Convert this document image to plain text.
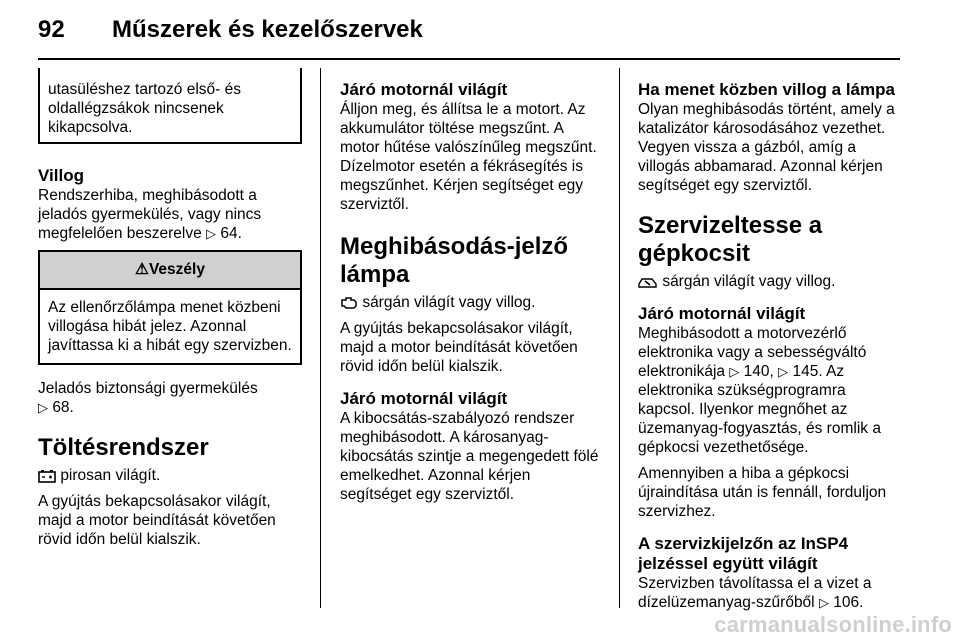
92 Műszerek és kezelőszervek
utasüléshez tartozó első- és oldallégzsákok nincsenek kikapcsolva.
Villog

Rendszerhiba, meghibásodott a jeladós gyermekülés, vagy nincs megfelelően beszerelve ▷ 64.

⚠Veszély
Az ellenőrzőlámpa menet közbeni villogása hibát jelez. Azonnal javíttassa ki a hibát egy szervizben.

Jeladós biztonsági gyermekülés
▷ 68.

Töltésrendszer

pirosan világít.

A gyújtás bekapcsolásakor világít, majd a motor beindítását követően rövid időn belül kialszik.

Járó motornál világít

Álljon meg, és állítsa le a motort. Az akkumulátor töltése megszűnt. A motor hűtése valószínűleg megszűnt. Dízelmotor esetén a fékrásegítés is megszűnhet. Kérjen segítséget egy szerviztől.

Meghibásodás-jelző lámpa

sárgán világít vagy villog.

A gyújtás bekapcsolásakor világít, majd a motor beindítását követően rövid időn belül kialszik.

Járó motornál világít

A kibocsátás-szabályozó rendszer meghibásodott. A károsanyag-kibocsátás szintje a megengedett fölé emelkedhet. Azonnal kérjen segítséget egy szerviztől.

Ha menet közben villog a lámpa

Olyan meghibásodás történt, amely a katalizátor károsodásához vezethet. Vegyen vissza a gázból, amíg a villogás abbamarad. Azonnal kérjen segítséget egy szerviztől.

Szervizeltesse a gépkocsit

sárgán világít vagy villog.

Járó motornál világít

Meghibásodott a motorvezérlő elektronika vagy a sebességváltó elektronikája ▷ 140, ▷ 145. Az elektronika szükségprogramra kapcsol. Ilyenkor megnőhet az üzemanyag-fogyasztás, és romlik a gépkocsi vezethetősége.

Amennyiben a hiba a gépkocsi újraindítása után is fennáll, forduljon szervizhez.

A szervizkijelzőn az InSP4 jelzéssel együtt világít

Szervizben távolítassa el a vizet a dízelüzemanyag-szűrőből ▷ 106.

carmanualsonline.info
